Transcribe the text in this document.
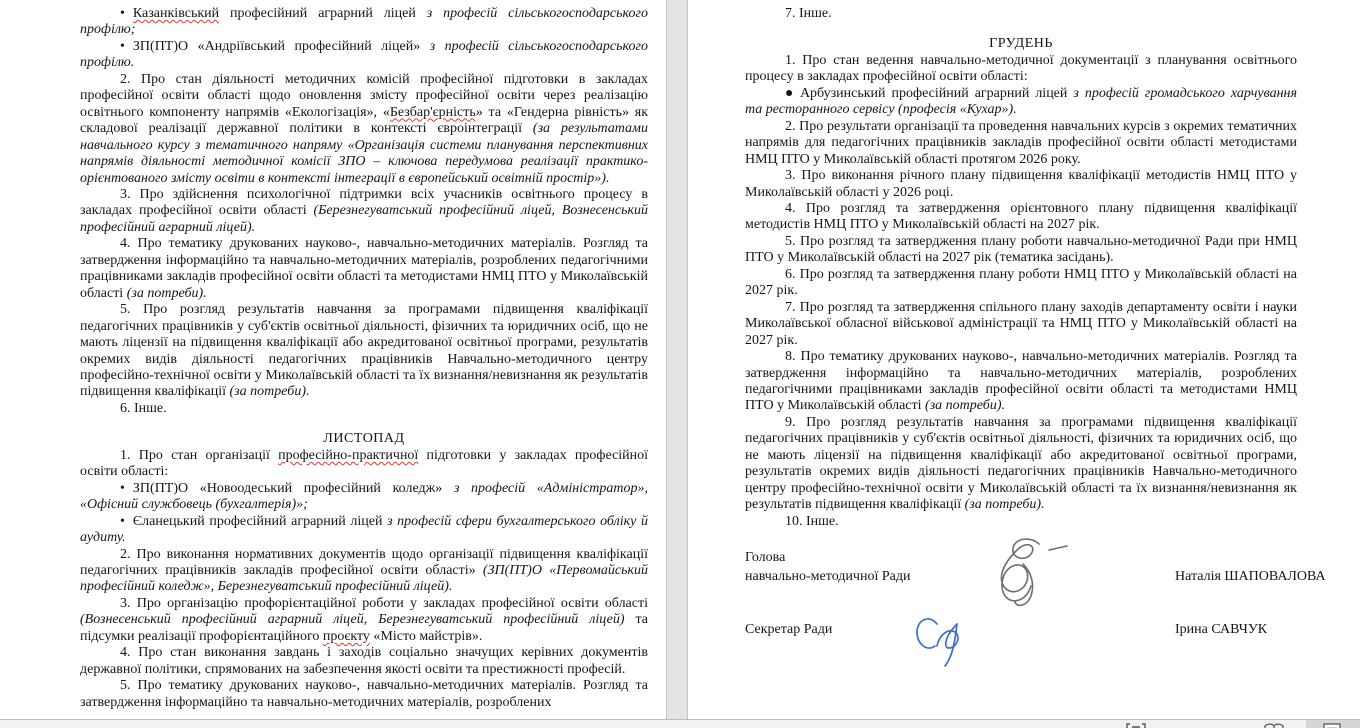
• Казанківський професійний аграрний ліцей з професій сільськогосподарського профілю;
• ЗП(ПТ)О «Андріївський професійний ліцей» з професій сільськогосподарського профілю.
2. Про стан діяльності методичних комісій професійної підготовки в закладах професійної освіти області щодо оновлення змісту професійної освіти через реалізацію освітнього компоненту напрямів «Екологізація», «Безбар'єрність» та «Гендерна рівність» як складової реалізації державної політики в контексті євроінтеграції (за результатами навчального курсу з тематичного напряму «Організація системи планування перспективних напрямів діяльності методичної комісії ЗПО – ключова передумова реалізації практико-орієнтованого змісту освіти в контексті інтеграції в європейський освітній простір»).
3. Про здійснення психологічної підтримки всіх учасників освітнього процесу в закладах професійної освіти області (Березнегуватський професійний ліцей, Вознесенський професійний аграрний ліцей).
4. Про тематику друкованих науково-, навчально-методичних матеріалів. Розгляд та затвердження інформаційно та навчально-методичних матеріалів, розроблених педагогічними працівниками закладів професійної освіти області та методистами НМЦ ПТО у Миколаївській області (за потреби).
5. Про розгляд результатів навчання за програмами підвищення кваліфікації педагогічних працівників у суб'єктів освітньої діяльності, фізичних та юридичних осіб, що не мають ліцензії на підвищення кваліфікації або акредитованої освітньої програми, результатів окремих видів діяльності педагогічних працівників Навчально-методичного центру професійно-технічної освіти у Миколаївській області та їх визнання/невизнання як результатів підвищення кваліфікації (за потреби).
6. Інше.
ЛИСТОПАД
1. Про стан організації професійно-практичної підготовки у закладах професійної освіти області:
• ЗП(ПТ)О «Новоодеський професійний коледж» з професій «Адміністратор», «Офісний службовець (бухгалтерія)»;
• Єланецький професійний аграрний ліцей з професій сфери бухгалтерського обліку й аудиту.
2. Про виконання нормативних документів щодо організації підвищення кваліфікації педагогічних працівників закладів професійної освіти області» (ЗП(ПТ)О «Первомайський професійний коледж», Березнегуватський професійний ліцей).
3. Про організацію профорієнтаційної роботи у закладах професійної освіти області (Вознесенський професійний аграрний ліцей, Березнегуватський професійний ліцей) та підсумки реалізації профорієнтаційного проєкту «Місто майстрів».
4. Про стан виконання завдань і заходів соціально значущих керівних документів державної політики, спрямованих на забезпечення якості освіти та престижності професій.
5. Про тематику друкованих науково-, навчально-методичних матеріалів. Розгляд та затвердження інформаційно та навчально-методичних матеріалів, розроблених
7. Інше.
ГРУДЕНЬ
1. Про стан ведення навчально-методичної документації з планування освітнього процесу в закладах професійної освіти області:
● Арбузинський професійний аграрний ліцей з професій громадського харчування та ресторанного сервісу (професія «Кухар»).
2. Про результати організації та проведення навчальних курсів з окремих тематичних напрямів для педагогічних працівників закладів професійної освіти області методистами НМЦ ПТО у Миколаївській області протягом 2026 року.
3. Про виконання річного плану підвищення кваліфікації методистів НМЦ ПТО у Миколаївській області у 2026 році.
4. Про розгляд та затвердження орієнтовного плану підвищення кваліфікації методистів НМЦ ПТО у Миколаївській області на 2027 рік.
5. Про розгляд та затвердження плану роботи навчально-методичної Ради при НМЦ ПТО у Миколаївській області на 2027 рік (тематика засідань).
6. Про розгляд та затвердження плану роботи НМЦ ПТО у Миколаївській області на 2027 рік.
7. Про розгляд та затвердження спільного плану заходів департаменту освіти і науки Миколаївської обласної військової адміністрації та НМЦ ПТО у Миколаївській області на 2027 рік.
8. Про тематику друкованих науково-, навчально-методичних матеріалів. Розгляд та затвердження інформаційно та навчально-методичних матеріалів, розроблених педагогічними працівниками закладів професійної освіти області та методистами НМЦ ПТО у Миколаївській області (за потреби).
9. Про розгляд результатів навчання за програмами підвищення кваліфікації педагогічних працівників у суб'єктів освітньої діяльності, фізичних та юридичних осіб, що не мають ліцензії на підвищення кваліфікації або акредитованої освітньої програми, результатів окремих видів діяльності педагогічних працівників Навчально-методичного центру професійно-технічної освіти у Миколаївській області та їх визнання/невизнання як результатів підвищення кваліфікації (за потреби).
10. Інше.
Голова
навчально-методичної Ради	Наталія ШАПОВАЛОВА
Секретар Ради	Ірина САВЧУК
